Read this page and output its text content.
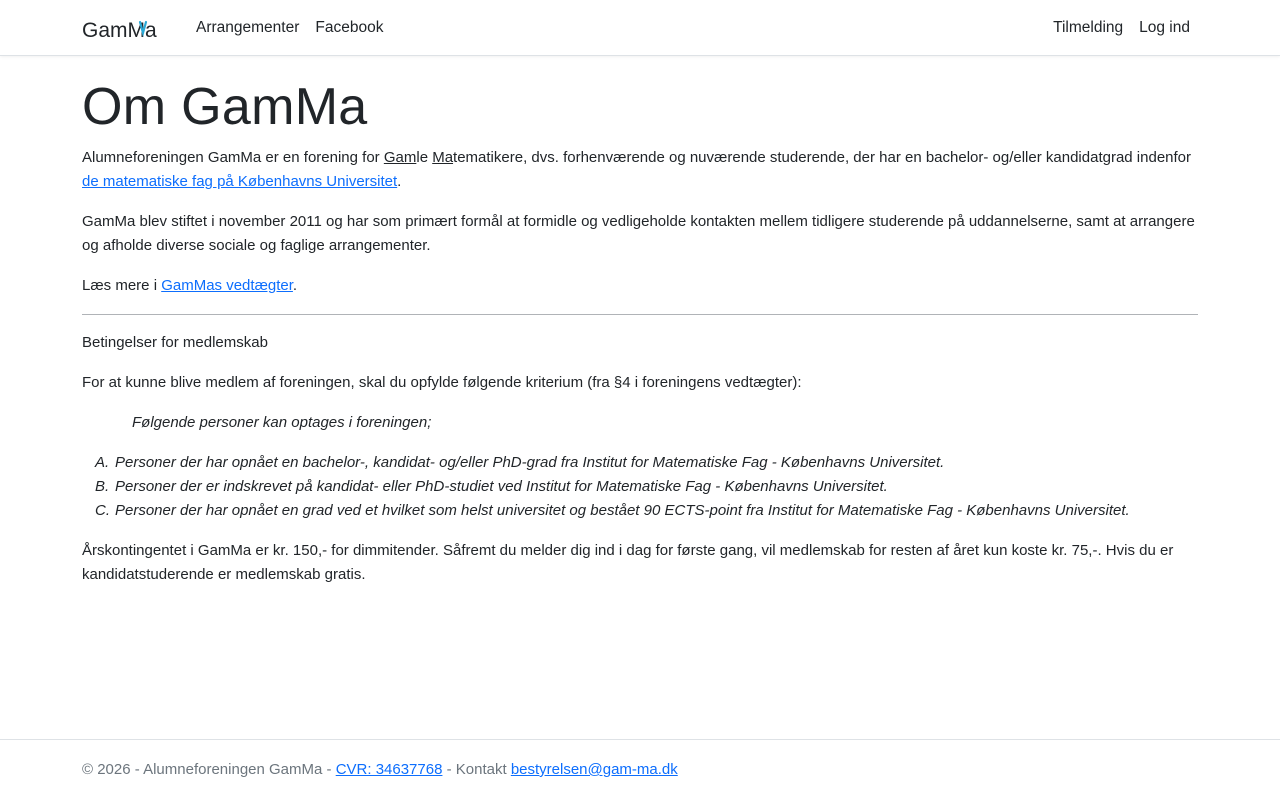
GamMa	Arrangementer Facebook	Tilmelding Log ind
Om GamMa

Alumneforeningen GamMa er en forening for Gamle Matematikere, dvs. forhenværende og nuværende studerende, der har en bachelor- og/eller kandidatgrad indenfor de matematiske fag på Københavns Universitet.

GamMa blev stiftet i november 2011 og har som primært formål at formidle og vedligeholde kontakten mellem tidligere studerende på uddannelserne, samt at arrangere og afholde diverse sociale og faglige arrangementer.

Læs mere i GamMas vedtægter.

Betingelser for medlemskab

For at kunne blive medlem af foreningen, skal du opfylde følgende kriterium (fra §4 i foreningens vedtægter):

Følgende personer kan optages i foreningen;
A. Personer der har opnået en bachelor-, kandidat- og/eller PhD-grad fra Institut for Matematiske Fag - Københavns Universitet.
B. Personer der er indskrevet på kandidat- eller PhD-studiet ved Institut for Matematiske Fag - Københavns Universitet.
C. Personer der har opnået en grad ved et hvilket som helst universitet og bestået 90 ECTS-point fra Institut for Matematiske Fag - Københavns Universitet.

Årskontingentet i GamMa er kr. 150,- for dimmitender. Såfremt du melder dig ind i dag for første gang, vil medlemskab for resten af året kun koste kr. 75,-. Hvis du er kandidatstuderende er medlemskab gratis.

© 2026 - Alumneforeningen GamMa - CVR: 34637768 - Kontakt bestyrelsen@gam-ma.dk
